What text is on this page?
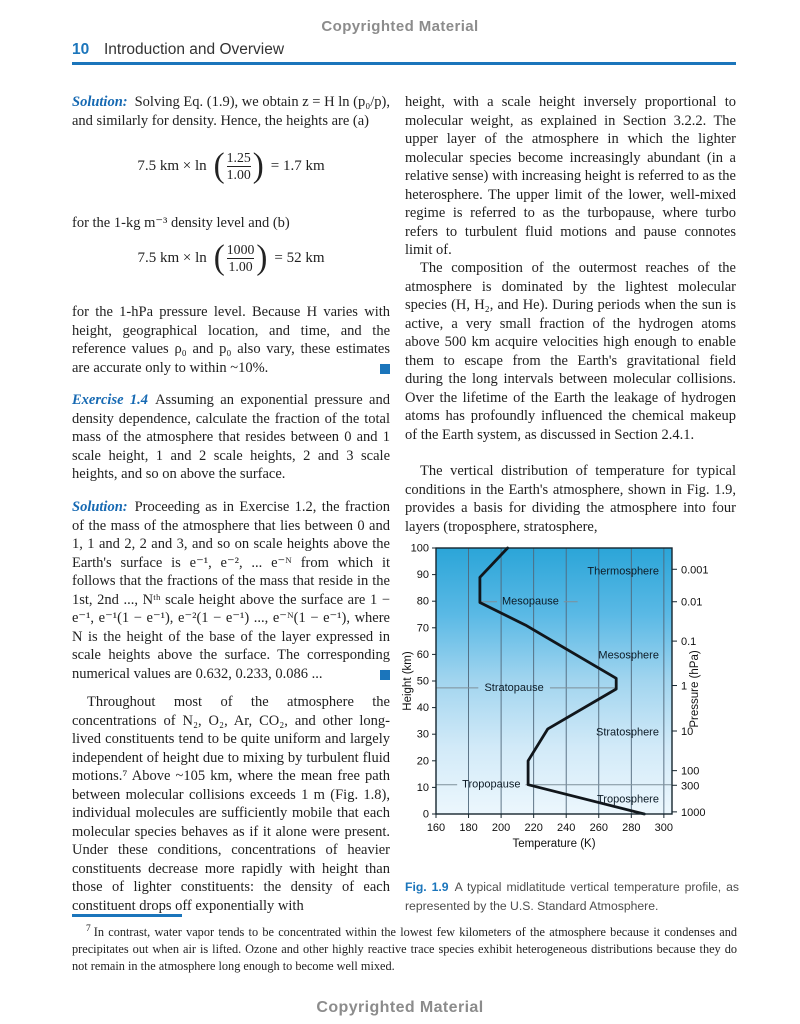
Copyrighted Material
10 Introduction and Overview

Solution: Solving Eq. (1.9), we obtain z = H ln (p₀/p), and similarly for density. Hence, the heights are (a)

7.5 km × ln ( $\frac{1.25}{1.00}$
) = 1.7 km

for the 1-kg m⁻³ density level and (b)

7.5 km × ln ( $\frac{1000}{1.00}$
) = 52 km

for the 1-hPa pressure level. Because H varies with height, geographical location, and time, and the reference values ρ₀ and p₀ also vary, these estimates are accurate only to within ~10%.

Exercise 1.4 Assuming an exponential pressure and density dependence, calculate the fraction of the total mass of the atmosphere that resides between 0 and 1 scale height, 1 and 2 scale heights, 2 and 3 scale heights, and so on above the surface.

Solution: Proceeding as in Exercise 1.2, the fraction of the mass of the atmosphere that lies between 0 and 1, 1 and 2, 2 and 3, and so on scale heights above the Earth's surface is e⁻¹, e⁻², ... e⁻ᴺ from which it follows that the fractions of the mass that reside in the 1st, 2nd ..., Nᵗʰ scale height above the surface are 1 − e⁻¹, e⁻¹(1 − e⁻¹), e⁻²(1 − e⁻¹) ..., e⁻ᴺ(1 − e⁻¹), where N is the height of the base of the layer expressed in scale heights above the surface. The corresponding numerical values are 0.632, 0.233, 0.086 ...

Throughout most of the atmosphere the concentrations of N₂, O₂, Ar, CO₂, and other long-lived constituents tend to be quite uniform and largely independent of height due to mixing by turbulent fluid motions.⁷ Above ~105 km, where the mean free path between molecular collisions exceeds 1 m (Fig. 1.8), individual molecules are sufficiently mobile that each molecular species behaves as if it alone were present. Under these conditions, concentrations of heavier constituents decrease more rapidly with height than those of lighter constituents: the density of each constituent drops off exponentially with

height, with a scale height inversely proportional to molecular weight, as explained in Section 3.2.2. The upper layer of the atmosphere in which the lighter molecular species become increasingly abundant (in a relative sense) with increasing height is referred to as the heterosphere. The upper limit of the lower, well-mixed regime is referred to as the turbopause, where turbo refers to turbulent fluid motions and pause connotes limit of.

The composition of the outermost reaches of the atmosphere is dominated by the lightest molecular species (H, H₂, and He). During periods when the sun is active, a very small fraction of the hydrogen atoms above 500 km acquire velocities high enough to enable them to escape from the Earth's gravitational field during the long intervals between molecular collisions. Over the lifetime of the Earth the leakage of hydrogen atoms has profoundly influenced the chemical makeup of the Earth system, as discussed in Section 2.4.1.

The vertical distribution of temperature for typical conditions in the Earth's atmosphere, shown in Fig. 1.9, provides a basis for dividing the atmosphere into four layers (troposphere, stratosphere,

0
10
20
30
40
50
60
70
80
90
100
160 180 200 220 240 260 280 300
0.001
0.01
0.1
1
10
100
300
1000
Height (km)
Temperature (K)
Pressure (hPa)
Thermosphere
Mesopause
Mesosphere
Stratopause
Stratosphere
Tropopause
Troposphere

Fig. 1.9 A typical midlatitude vertical temperature profile, as represented by the U.S. Standard Atmosphere.

$^7$ In contrast, water vapor tends to be concentrated within the lowest few kilometers of the atmosphere because it condenses and precipitates out when air is lifted. Ozone and other highly reactive trace species exhibit heterogeneous distributions because they do not remain in the atmosphere long enough to become well mixed.

Copyrighted Material
